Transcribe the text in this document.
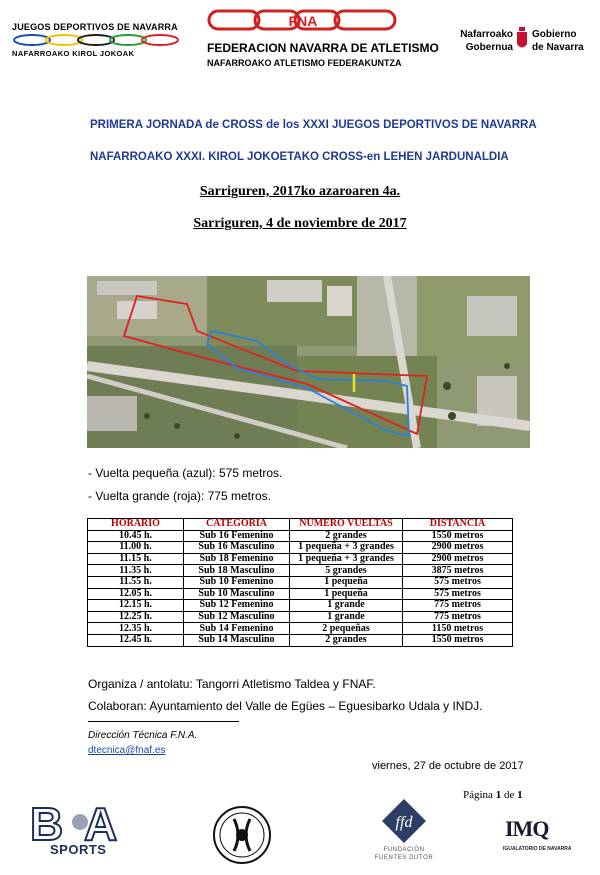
JUEGOS DEPORTIVOS DE NAVARRA
NAFARROAKO KIROL JOKOAK
FNA
FEDERACION NAVARRA DE ATLETISMO
NAFARROAKO ATLETISMO FEDERAKUNTZA
Nafarroako
Gobernua
Gobierno
de Navarra
PRIMERA JORNADA de CROSS de los XXXI JUEGOS DEPORTIVOS DE NAVARRA
NAFARROAKO XXXI. KIROL JOKOETAKO CROSS-en LEHEN JARDUNALDIA
Sarriguren, 2017ko azaroaren 4a.
Sarriguren, 4 de noviembre de 2017
- Vuelta pequeña (azul): 575 metros.
- Vuelta grande (roja): 775 metros.
HORARIO	CATEGORIA	NUMERO VUELTAS	DISTANCIA
10.45 h.	Sub 16 Femenino	2 grandes	1550 metros
11.00 h.	Sub 16 Masculino	1 pequeña + 3 grandes	2900 metros
11.15 h.	Sub 18 Femenino	1 pequeña + 3 grandes	2900 metros
11.35 h.	Sub 18 Masculino	5 grandes	3875 metros
11.55 h.	Sub 10 Femenino	1 pequeña	575 metros
12.05 h.	Sub 10 Masculino	1 pequeña	575 metros
12.15 h.	Sub 12 Femenino	1 grande	775 metros
12.25 h.	Sub 12 Masculino	1 grande	775 metros
12.35 h.	Sub 14 Femenino	2 pequeñas	1150 metros
12.45 h.	Sub 14 Masculino	2 grandes	1550 metros
Organiza / antolatu: Tangorri Atletismo Taldea y FNAF.
Colaboran: Ayuntamiento del Valle de Egües – Eguesibarko Udala y INDJ.
Dirección Técnica F.N.A.
dtecnica@fnaf.es
viernes, 27 de octubre de 2017
Página 1 de 1
B A
SPORTS
ffd
FUNDACIÓN
FUENTES DUTOR
IMQ
IGUALATORIO DE NAVARRA
